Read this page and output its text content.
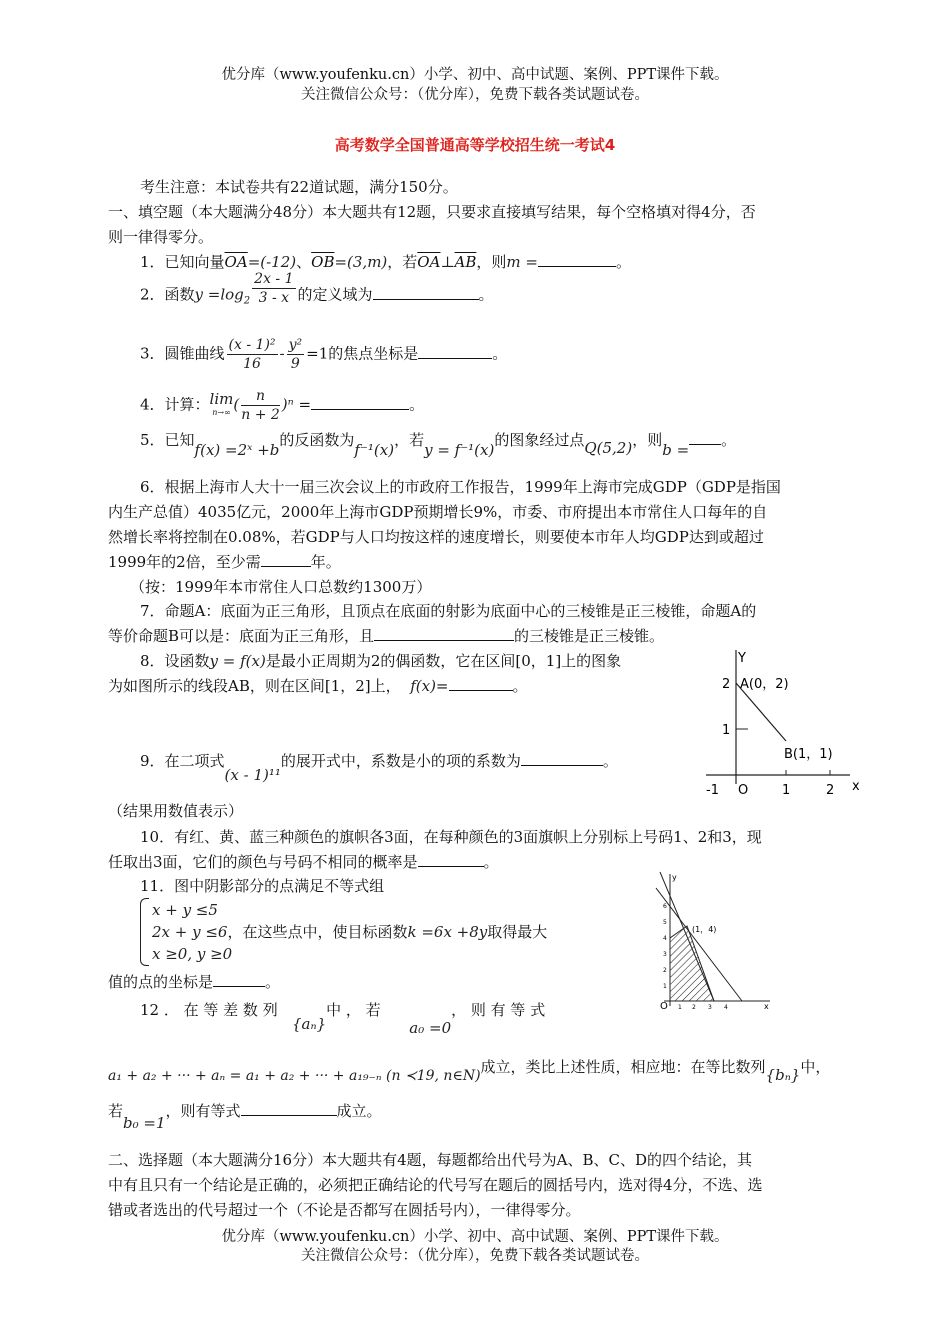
优分库（www.youfenku.cn）小学、初中、高中试题、案例、PPT课件下载。
关注微信公众号：（优分库），免费下载各类试题试卷。
高考数学全国普通高等学校招生统一考试4
考生注意：本试卷共有22道试题，满分150分。
一、填空题（本大题满分48分）本大题共有12题，只要求直接填写结果，每个空格填对得4分，否
则一律得零分。
1．已知向量$\overline{OA}=(-12)$、$\overline{OB}=(3,m)$，若$\overline{OA}\perp\overline{AB}$，则m =	。
2．函数$y =\log_2 \frac{2x - 1}{3 - x}$ 的定义域为	。
3．圆锥曲线 $\frac{\text{(x - 1)²}}{16} - \frac{\text{y²}}{9} =1$的焦点坐标是	。
4．计算： lim
n→∞ ( $\frac{n}{n + 2} )^n$ =	。
5．已知f(x) =2ˣ +b的反函数为f⁻¹(x)，若y = f⁻¹(x)的图象经过点Q(5,2)，则b =。
6．根据上海市人大十一届三次会议上的市政府工作报告，1999年上海市完成GDP（GDP是指国
内生产总值）4035亿元，2000年上海市GDP预期增长9%，市委、市府提出本市常住人口每年的自
然增长率将控制在0.08%，若GDP与人口均按这样的速度增长，则要使本市年人均GDP达到或超过
1999年的2倍，至少需	年。
（按：1999年本市常住人口总数约1300万）
7．命题A：底面为正三角形，且顶点在底面的射影为底面中心的三棱锥是正三棱锥，命题A的
等价命题B可以是：底面为正三角形，且	的三棱锥是正三棱锥。
8．设函数y = f(x)是最小正周期为2的偶函数，它在区间[0，1]上的图象
为如图所示的线段AB，则在区间[1，2]上， f(x)=	。
Y
x
2
1
A(0，2)
B(1，1)
-1 O	1	2
9．在二项式(x - 1)¹¹的展开式中，系数是小的项的系数为	。
（结果用数值表示）
10．有红、黄、蓝三种颜色的旗帜各3面，在每种颜色的3面旗帜上分别标上号码1、2和3，现
任取出3面，它们的颜色与号码不相同的概率是	。
11．图中阴影部分的点满足不等式组
x + y ≤5
2x + y ≤6，在这些点中，使目标函数k =6x +8y取得最大
x ≥0, y ≥0
值的点的坐标是	。
y
x
(1，4)
O 1 2 3 4
1
2
3
4
5
6
12 ． 在 等 差 数 列   {aₙ}中 ， 若      a₀ =0， 则 有 等 式
a₁ + a₂ + ··· + aₙ = a₁ + a₂ + ··· + a₁₉₋ₙ (n ≺19, n∈N)成立，类比上述性质，相应地：在等比数列{bₙ}中，
若b₀ =1，则有等式	成立。
二、选择题（本大题满分16分）本大题共有4题，每题都给出代号为A、B、C、D的四个结论，其
中有且只有一个结论是正确的，必须把正确结论的代号写在题后的圆括号内，选对得4分，不选、选
错或者选出的代号超过一个（不论是否都写在圆括号内），一律得零分。
优分库（www.youfenku.cn）小学、初中、高中试题、案例、PPT课件下载。
关注微信公众号：（优分库），免费下载各类试题试卷。
